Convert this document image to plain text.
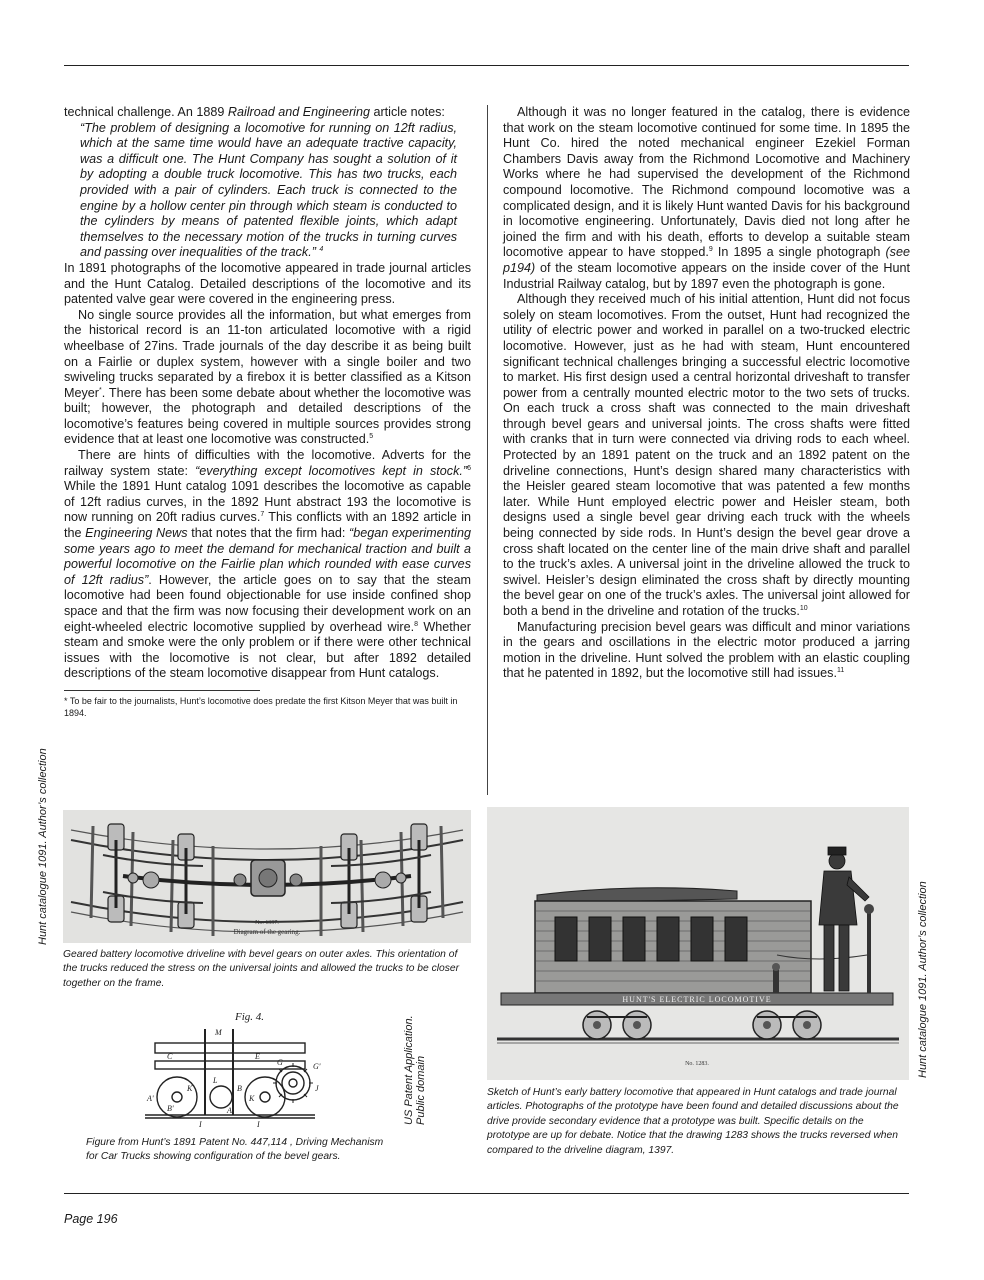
technical challenge. An 1889 Railroad and Engineering article notes:

“The problem of designing a locomotive for running on 12ft radius, which at the same time would have an adequate tractive capacity, was a difficult one. The Hunt Company has sought a solution of it by adopting a double truck locomotive. This has two trucks, each provided with a pair of cylinders. Each truck is connected to the engine by a hollow center pin through which steam is conducted to the cylinders by means of patented flexible joints, which adapt themselves to the necessary motion of the trucks in turning curves and passing over inequalities of the track.” $^4$

In 1891 photographs of the locomotive appeared in trade journal articles and the Hunt Catalog. Detailed descriptions of the locomotive and its patented valve gear were covered in the engineering press.

No single source provides all the information, but what emerges from the historical record is an 11-ton articulated locomotive with a rigid wheelbase of 27ins. Trade journals of the day describe it as being built on a Fairlie or duplex system, however with a single boiler and two swiveling trucks separated by a firebox it is better classified as a Kitson Meyer*. There has been some debate about whether the locomotive was built; however, the photograph and detailed descriptions of the locomotive’s features being covered in multiple sources provides strong evidence that at least one locomotive was constructed.$^5$

There are hints of difficulties with the locomotive. Adverts for the railway system state: “everything except locomotives kept in stock.”$^6$ While the 1891 Hunt catalog 1091 describes the locomotive as capable of 12ft radius curves, in the 1892 Hunt abstract 193 the locomotive is now running on 20ft radius curves.$^7$ This conflicts with an 1892 article in the Engineering News that notes that the firm had: “began experimenting some years ago to meet the demand for mechanical traction and built a powerful locomotive on the Fairlie plan which rounded with ease curves of 12ft radius”. However, the article goes on to say that the steam locomotive had been found objectionable for use inside confined shop space and that the firm was now focusing their development work on an eight-wheeled electric locomotive supplied by overhead wire.$^8$ Whether steam and smoke were the only problem or if there were other technical issues with the locomotive is not clear, but after 1892 detailed descriptions of the steam locomotive disappear from Hunt catalogs.

* To be fair to the journalists, Hunt’s locomotive does predate the first Kitson Meyer that was built in 1894.

Although it was no longer featured in the catalog, there is evidence that work on the steam locomotive continued for some time. In 1895 the Hunt Co. hired the noted mechanical engineer Ezekiel Forman Chambers Davis away from the Richmond Locomotive and Machinery Works where he had supervised the development of the Richmond compound locomotive. The Richmond compound locomotive was a complicated design, and it is likely Hunt wanted Davis for his background in locomotive engineering. Unfortunately, Davis died not long after he joined the firm and with his death, efforts to develop a suitable steam locomotive appear to have stopped.$^9$ In 1895 a single photograph (see p194) of the steam locomotive appears on the inside cover of the Hunt Industrial Railway catalog, but by 1897 even the photograph is gone.

Although they received much of his initial attention, Hunt did not focus solely on steam locomotives. From the outset, Hunt had recognized the utility of electric power and worked in parallel on a two-trucked electric locomotive. However, just as he had with steam, Hunt encountered significant technical challenges bringing a successful electric locomotive to market. His first design used a central horizontal driveshaft to transfer power from a centrally mounted electric motor to the two sets of trucks. On each truck a cross shaft was connected to the main driveshaft through bevel gears and universal joints. The cross shafts were fitted with cranks that in turn were connected via driving rods to each wheel. Protected by an 1891 patent on the truck and an 1892 patent on the driveline connections, Hunt’s design shared many characteristics with the Heisler geared steam locomotive that was patented a few months later. While Hunt employed electric power and Heisler steam, both designs used a single bevel gear driving each truck with the wheels being connected by side rods. In Hunt’s design the bevel gear drove a cross shaft located on the center line of the main drive shaft and parallel to the truck’s axles. A universal joint in the driveline allowed the truck to swivel. Heisler’s design eliminated the cross shaft by directly mounting the bevel gear on one of the truck’s axles. The universal joint allowed for both a bend in the driveline and rotation of the trucks.$^{10}$

Manufacturing precision bevel gears was difficult and minor variations in the gears and oscillations in the electric motor produced a jarring motion in the driveline. Hunt solved the problem with an elastic coupling that he patented in 1892, but the locomotive still had issues.$^{11}$

Hunt catalogue 1091. Author’s collection	No. 1397.
Diagram of the gearing.
Geared battery locomotive driveline with bevel gears on outer axles. This orientation of the trucks reduced the stress on the universal joints and allowed the trucks to be closer together on the frame.
Fig. 4.
M
C	E
G	G'
A'
B'
K
L
B
K
A
I	I
J
Figure from Hunt’s 1891 Patent No. 447,114 , Driving Mechanism
for Car Trucks showing configuration of the bevel gears.
US Patent Application. Public domain
HUNT'S ELECTRIC LOCOMOTIVE
No. 1283.
Sketch of Hunt’s early battery locomotive that appeared in Hunt catalogs and trade journal articles. Photographs of the prototype have been found and detailed discussions about the drive provide secondary evidence that a prototype was built. Specific details on the prototype are up for debate. Notice that the drawing 1283 shows the trucks reversed when compared to the driveline diagram, 1397.
Hunt catalogue 1091. Author’s collection
Page 196
